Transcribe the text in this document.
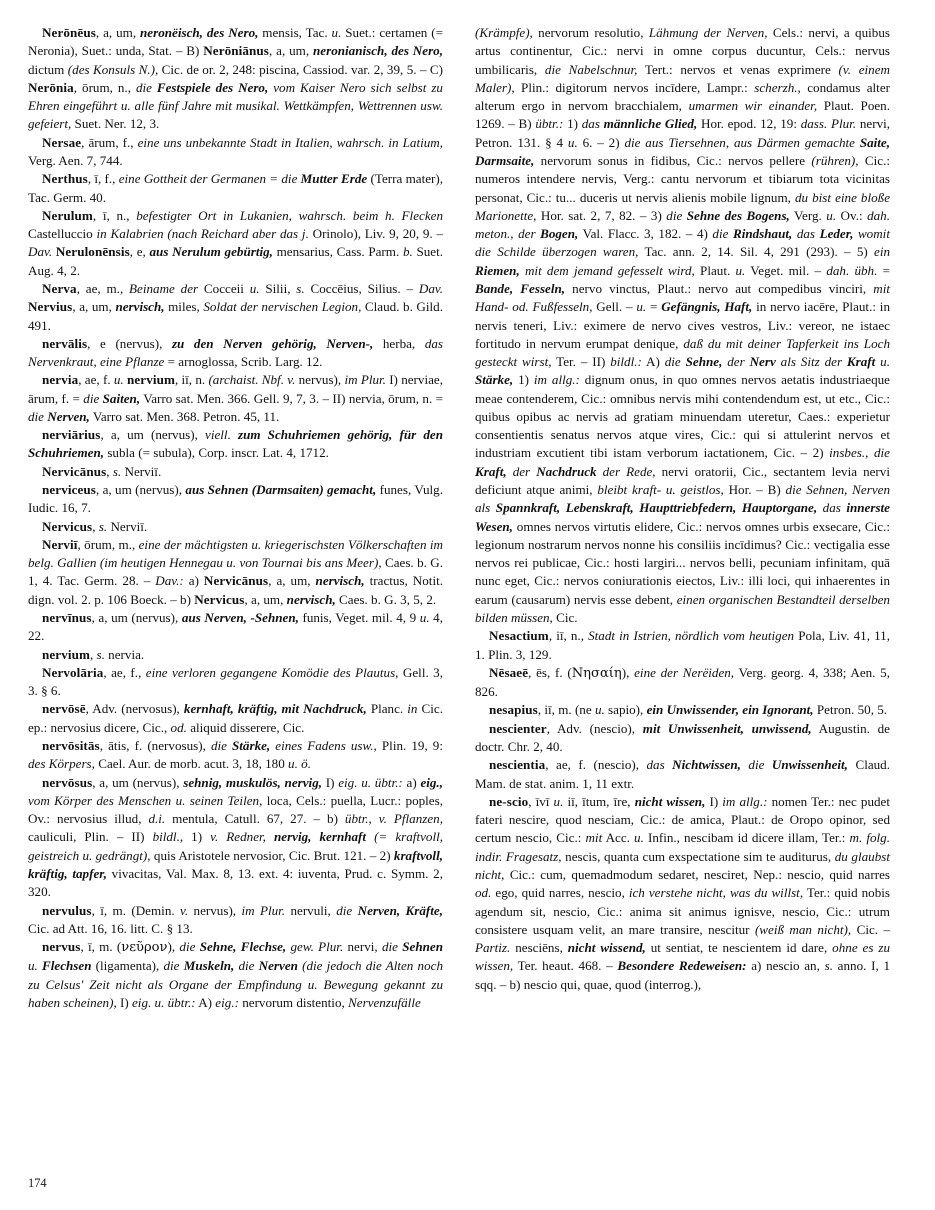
Nerōnēus, a, um, neronëisch, des Nero, mensis, Tac. u. Suet.: certamen (= Neronia), Suet.: unda, Stat. – B) Nerōniānus, a, um, neronianisch, des Nero, dictum (des Konsuls N.), Cic. de or. 2, 248: piscina, Cassiod. var. 2, 39, 5. – C) Nerōnia, ōrum, n., die Festspiele des Nero, vom Kaiser Nero sich selbst zu Ehren eingeführt u. alle fünf Jahre mit musikal. Wettkämpfen, Wettrennen usw. gefeiert, Suet. Ner. 12, 3.

Nersae, ārum, f., eine uns unbekannte Stadt in Italien, wahrsch. in Latium, Verg. Aen. 7, 744.

Nerthus, ī, f., eine Gottheit der Germanen = die Mutter Erde (Terra mater), Tac. Germ. 40.

Nerulum, ī, n., befestigter Ort in Lukanien, wahrsch. beim h. Flecken Castelluccio in Kalabrien (nach Reichard aber das j. Orinolo), Liv. 9, 20, 9. – Dav. Nerulonēnsis, e, aus Nerulum gebürtig, mensarius, Cass. Parm. b. Suet. Aug. 4, 2.

Nerva, ae, m., Beiname der Cocceii u. Silii, s. Coccēius, Silius. – Dav. Nervius, a, um, nervisch, miles, Soldat der nervischen Legion, Claud. b. Gild. 491.

nervālis, e (nervus), zu den Nerven gehörig, Nerven-, herba, das Nervenkraut, eine Pflanze = arnoglossa, Scrib. Larg. 12.

nervia, ae, f. u. nervium, iī, n. (archaist. Nbf. v. nervus), im Plur. I) nerviae, ārum, f. = die Saiten, Varro sat. Men. 366. Gell. 9, 7, 3. – II) nervia, ōrum, n. = die Nerven, Varro sat. Men. 368. Petron. 45, 11.

nerviārius, a, um (nervus), viell. zum Schuhriemen gehörig, für den Schuhriemen, subla (= subula), Corp. inscr. Lat. 4, 1712.

Nervicānus, s. Nerviī.

nerviceus, a, um (nervus), aus Sehnen (Darmsaiten) gemacht, funes, Vulg. Iudic. 16, 7.

Nervicus, s. Nerviī.

Nerviī, ōrum, m., eine der mächtigsten u. kriegerischsten Völkerschaften im belg. Gallien (im heutigen Hennegau u. von Tournai bis ans Meer), Caes. b. G. 1, 4. Tac. Germ. 28. – Dav.: a) Nervicānus, a, um, nervisch, tractus, Notit. dign. vol. 2. p. 106 Boeck. – b) Nervicus, a, um, nervisch, Caes. b. G. 3, 5, 2.

nervīnus, a, um (nervus), aus Nerven, -Sehnen, funis, Veget. mil. 4, 9 u. 4, 22.

nervium, s. nervia.

Nervolāria, ae, f., eine verloren gegangene Komödie des Plautus, Gell. 3, 3. § 6.

nervōsē, Adv. (nervosus), kernhaft, kräftig, mit Nachdruck, Planc. in Cic. ep.: nervosius dicere, Cic., od. aliquid disserere, Cic.

nervōsitās, ātis, f. (nervosus), die Stärke, eines Fadens usw., Plin. 19, 9: des Körpers, Cael. Aur. de morb. acut. 3, 18, 180 u. ö.

nervōsus, a, um (nervus), sehnig, muskulös, nervig, I) eig. u. übtr.: a) eig., vom Körper des Menschen u. seinen Teilen, loca, Cels.: puella, Lucr.: poples, Ov.: nervosius illud, d.i. mentula, Catull. 67, 27. – b) übtr., v. Pflanzen, cauliculi, Plin. – II) bildl., 1) v. Redner, nervig, kernhaft (= kraftvoll, geistreich u. gedrängt), quis Aristotele nervosior, Cic. Brut. 121. – 2) kraftvoll, kräftig, tapfer, vivacitas, Val. Max. 8, 13. ext. 4: iuventa, Prud. c. Symm. 2, 320.

nervulus, ī, m. (Demin. v. nervus), im Plur. nervuli, die Nerven, Kräfte, Cic. ad Att. 16, 16. litt. C. § 13.

nervus, ī, m. (νεῦρον), die Sehne, Flechse, gew. Plur. nervi, die Sehnen u. Flechsen (ligamenta), die Muskeln, die Nerven (die jedoch die Alten noch zu Celsus' Zeit nicht als Organe der Empfindung u. Bewegung gekannt zu haben scheinen), I) eig. u. übtr.: A) eig.: nervorum distentio, Nervenzufälle

(Krämpfe), nervorum resolutio, Lähmung der Nerven, Cels.: nervi, a quibus artus continentur, Cic.: nervi in omne corpus ducuntur, Cels.: nervus umbilicaris, die Nabelschnur, Tert.: nervos et venas exprimere (v. einem Maler), Plin.: digitorum nervos incīdere, Lampr.: scherzh., condamus alter alterum ergo in nervom bracchialem, umarmen wir einander, Plaut. Poen. 1269. – B) übtr.: 1) das männliche Glied, Hor. epod. 12, 19: dass. Plur. nervi, Petron. 131. § 4 u. 6. – 2) die aus Tiersehnen, aus Därmen gemachte Saite, Darmsaite, nervorum sonus in fidibus, Cic.: nervos pellere (rühren), Cic.: numeros intendere nervis, Verg.: cantu nervorum et tibiarum tota vicinitas personat, Cic.: tu... duceris ut nervis alienis mobile lignum, du bist eine bloße Marionette, Hor. sat. 2, 7, 82. – 3) die Sehne des Bogens, Verg. u. Ov.: dah. meton., der Bogen, Val. Flacc. 3, 182. – 4) die Rindshaut, das Leder, womit die Schilde überzogen waren, Tac. ann. 2, 14. Sil. 4, 291 (293). – 5) ein Riemen, mit dem jemand gefesselt wird, Plaut. u. Veget. mil. – dah. übh. = Bande, Fesseln, nervo vinctus, Plaut.: nervo aut compedibus vinciri, mit Hand- od. Fußfesseln, Gell. – u. = Gefängnis, Haft, in nervo iacēre, Plaut.: in nervis teneri, Liv.: eximere de nervo cives vestros, Liv.: vereor, ne istaec fortitudo in nervum erumpat denique, daß du mit deiner Tapferkeit ins Loch gesteckt wirst, Ter. – II) bildl.: A) die Sehne, der Nerv als Sitz der Kraft u. Stärke, 1) im allg.: dignum onus, in quo omnes nervos aetatis industriaeque meae contenderem, Cic.: omnibus nervis mihi contendendum est, ut etc., Cic.: quibus opibus ac nervis ad gratiam minuendam uteretur, Caes.: experietur consentientis senatus nervos atque vires, Cic.: qui si attulerint nervos et industriam excutient tibi istam verborum iactationem, Cic. – 2) insbes., die Kraft, der Nachdruck der Rede, nervi oratorii, Cic., sectantem levia nervi deficiunt atque animi, bleibt kraft- u. geistlos, Hor. – B) die Sehnen, Nerven als Spannkraft, Lebenskraft, Haupttriebfedern, Hauptorgane, das innerste Wesen, omnes nervos virtutis elidere, Cic.: nervos omnes urbis exsecare, Cic.: legionum nostrarum nervos nonne his consiliis incīdimus? Cic.: vectigalia esse nervos rei publicae, Cic.: hosti largiri... nervos belli, pecuniam infinitam, quā nunc eget, Cic.: nervos coniurationis eiectos, Liv.: illi loci, qui inhaerentes in earum (causarum) nervis esse debent, einen organischen Bestandteil derselben bilden müssen, Cic.

Nesactium, iī, n., Stadt in Istrien, nördlich vom heutigen Pola, Liv. 41, 11, 1. Plin. 3, 129.

Nēsaeē, ēs, f. (Νησαίη), eine der Nerëiden, Verg. georg. 4, 338; Aen. 5, 826.

nesapius, iī, m. (ne u. sapio), ein Unwissender, ein Ignorant, Petron. 50, 5.

nescienter, Adv. (nescio), mit Unwissenheit, unwissend, Augustin. de doctr. Chr. 2, 40.

nescientia, ae, f. (nescio), das Nichtwissen, die Unwissenheit, Claud. Mam. de stat. anim. 1, 11 extr.

ne-scio, īvī u. iī, ītum, īre, nicht wissen, I) im allg.: nomen Ter.: nec pudet fateri nescire, quod nesciam, Cic.: de amica, Plaut.: de Oropo opinor, sed certum nescio, Cic.: mit Acc. u. Infin., nescibam id dicere illam, Ter.: m. folg. indir. Fragesatz, nescis, quanta cum exspectatione sim te auditurus, du glaubst nicht, Cic.: cum, quemadmodum sedaret, nesciret, Nep.: nescio, quid narres od. ego, quid narres, nescio, ich verstehe nicht, was du willst, Ter.: quid nobis agendum sit, nescio, Cic.: anima sit animus ignisve, nescio, Cic.: utrum consistere usquam velit, an mare transire, nescitur (weiß man nicht), Cic. – Partiz. nesciēns, nicht wissend, ut sentiat, te nescientem id dare, ohne es zu wissen, Ter. heaut. 468. – Besondere Redeweisen: a) nescio an, s. anno. I, 1 sqq. – b) nescio qui, quae, quod (interrog.),

174
